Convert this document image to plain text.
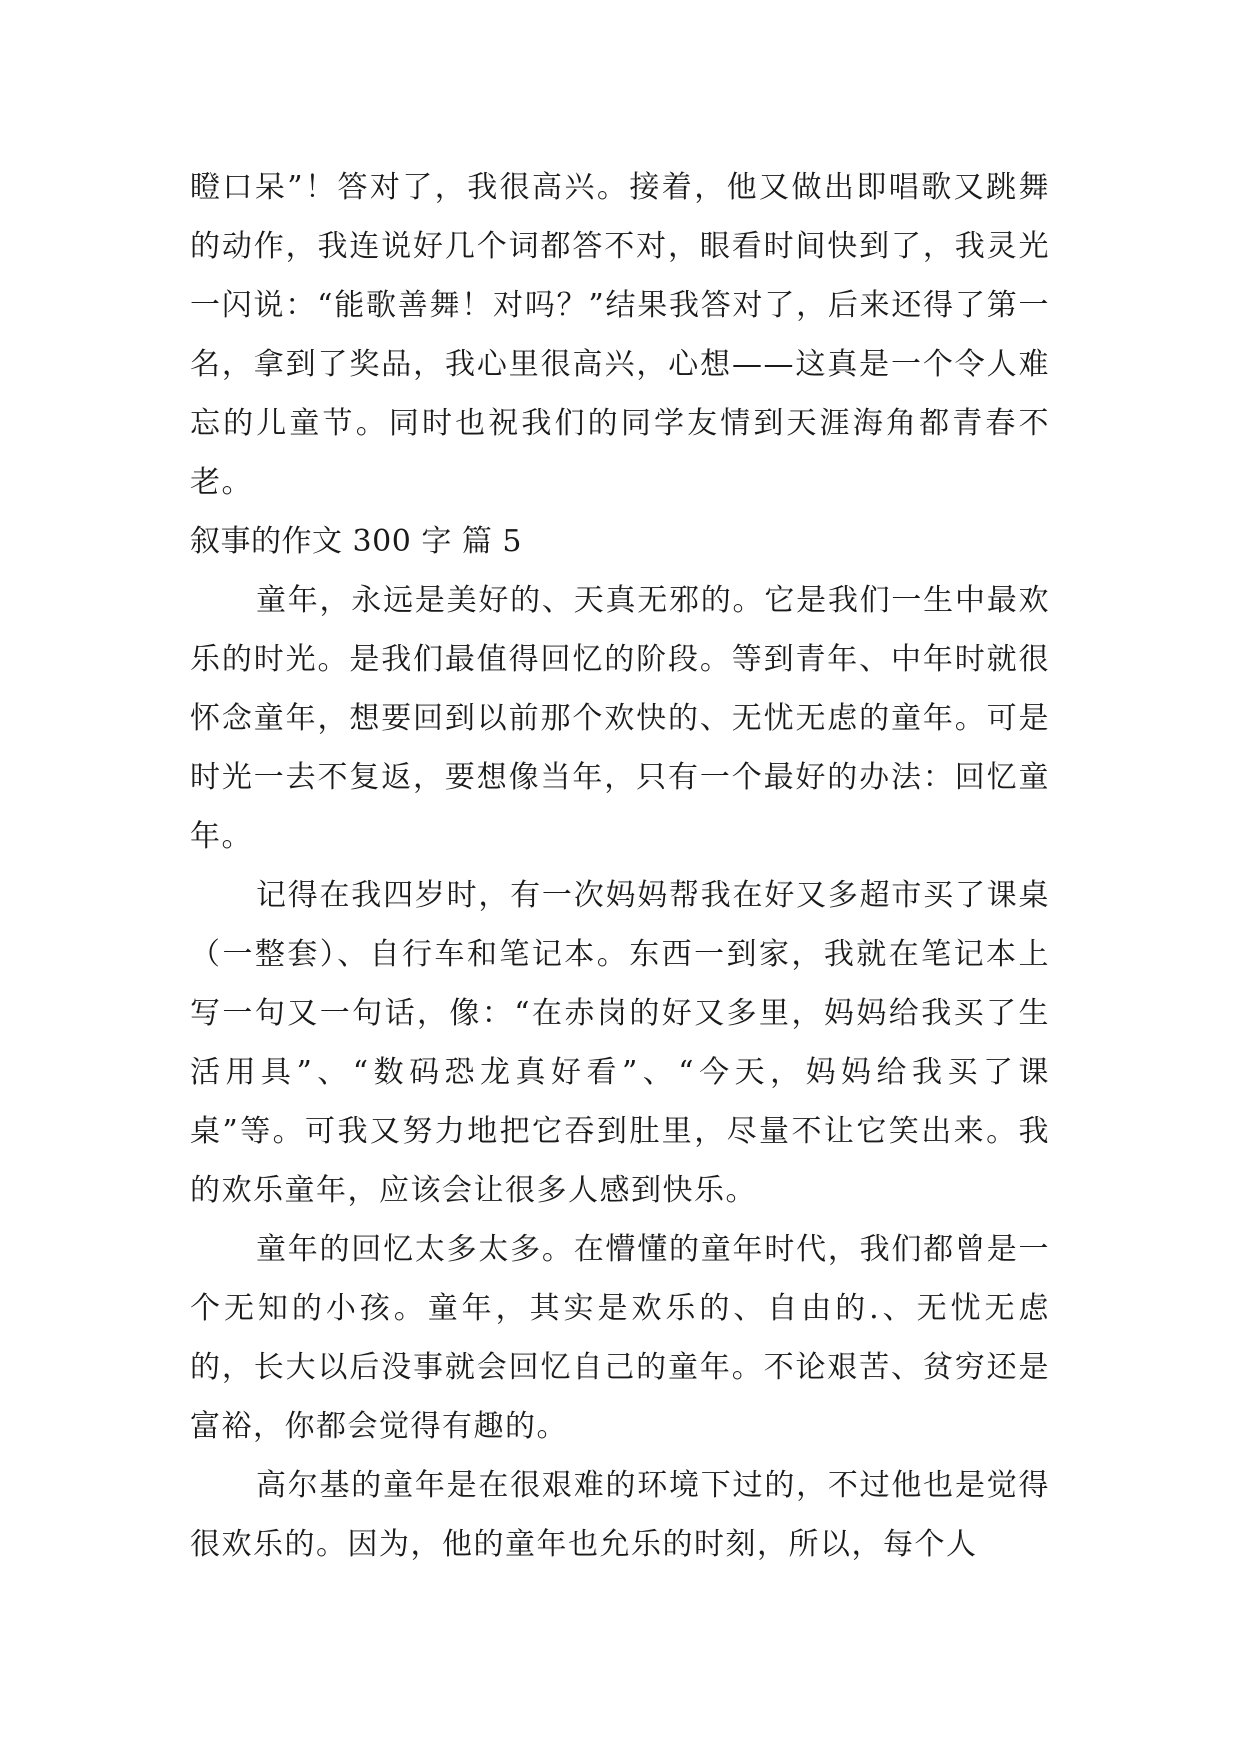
瞪口呆”！答对了，我很高兴。接着，他又做出即唱歌又跳舞的动作，我连说好几个词都答不对，眼看时间快到了，我灵光一闪说：“能歌善舞！对吗？”结果我答对了，后来还得了第一名，拿到了奖品，我心里很高兴，心想——这真是一个令人难忘的儿童节。同时也祝我们的同学友情到天涯海角都青春不老。

叙事的作文 300 字 篇 5

童年，永远是美好的、天真无邪的。它是我们一生中最欢乐的时光。是我们最值得回忆的阶段。等到青年、中年时就很怀念童年，想要回到以前那个欢快的、无忧无虑的童年。可是时光一去不复返，要想像当年，只有一个最好的办法：回忆童年。

记得在我四岁时，有一次妈妈帮我在好又多超市买了课桌（一整套）、自行车和笔记本。东西一到家，我就在笔记本上写一句又一句话，像：“在赤岗的好又多里，妈妈给我买了生活用具”、“数码恐龙真好看”、“今天，妈妈给我买了课桌”等。可我又努力地把它吞到肚里，尽量不让它笑出来。我的欢乐童年，应该会让很多人感到快乐。

童年的回忆太多太多。在懵懂的童年时代，我们都曾是一个无知的小孩。童年，其实是欢乐的、自由的.、无忧无虑的，长大以后没事就会回忆自己的童年。不论艰苦、贫穷还是富裕，你都会觉得有趣的。

高尔基的童年是在很艰难的环境下过的，不过他也是觉得很欢乐的。因为，他的童年也允乐的时刻，所以，每个人
